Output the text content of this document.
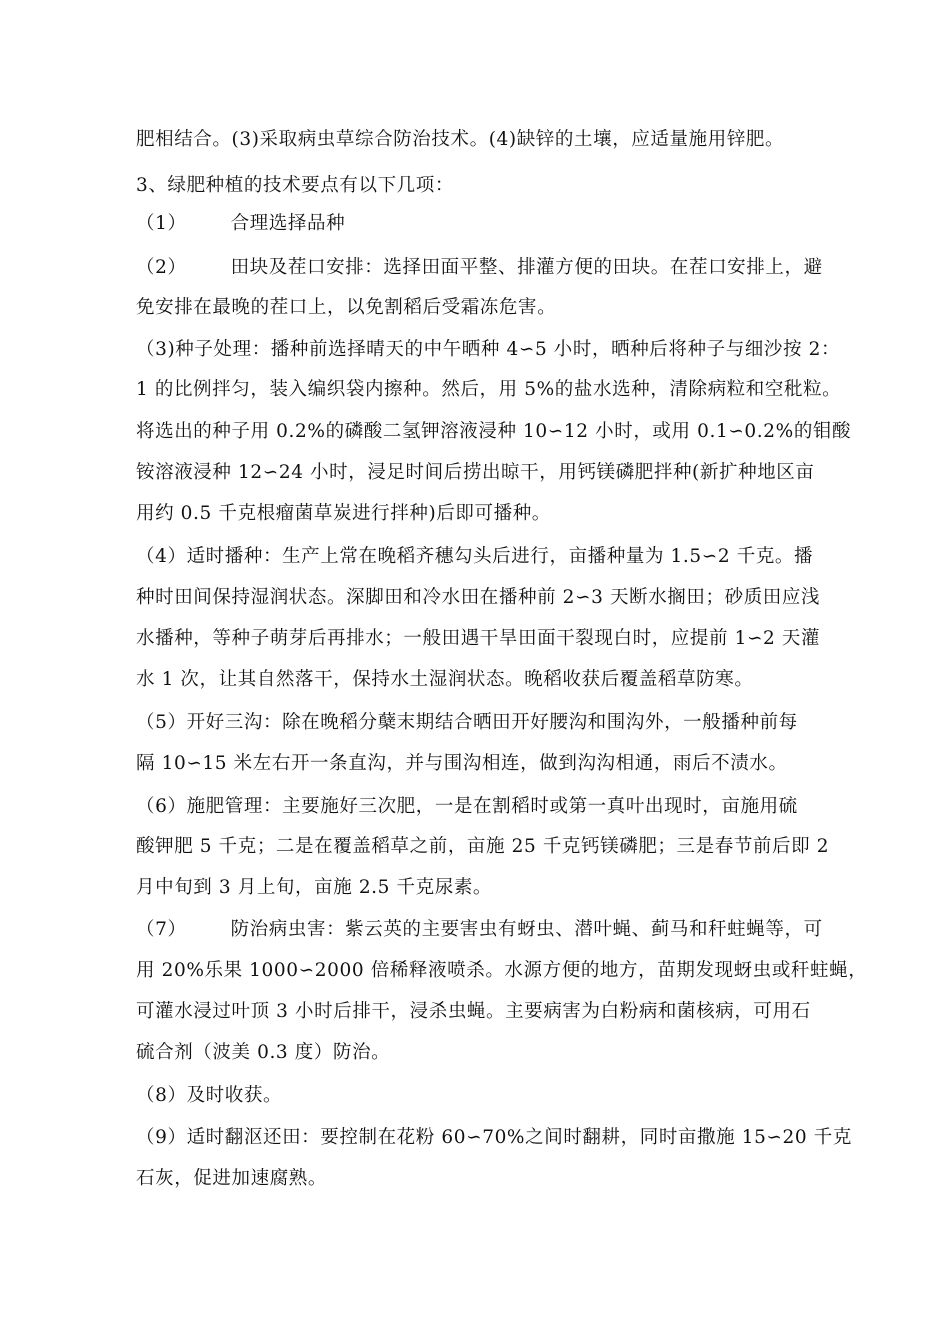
肥相结合。(3)采取病虫草综合防治技术。(4)缺锌的土壤，应适量施用锌肥。
3、绿肥种植的技术要点有以下几项：
（1） 合理选择品种
（2） 田块及茬口安排：选择田面平整、排灌方便的田块。在茬口安排上，避
免安排在最晚的茬口上，以免割稻后受霜冻危害。
（3)种子处理：播种前选择晴天的中午晒种 4∽5 小时，晒种后将种子与细沙按 2：
1 的比例拌匀，装入编织袋内擦种。然后，用 5%的盐水选种，清除病粒和空秕粒。
将选出的种子用 0.2%的磷酸二氢钾溶液浸种 10∽12 小时，或用 0.1∽0.2%的钼酸
铵溶液浸种 12∽24 小时，浸足时间后捞出晾干，用钙镁磷肥拌种(新扩种地区亩
用约 0.5 千克根瘤菌草炭进行拌种)后即可播种。
（4）适时播种：生产上常在晚稻齐穗勾头后进行，亩播种量为 1.5∽2 千克。播
种时田间保持湿润状态。深脚田和冷水田在播种前 2∽3 天断水搁田；砂质田应浅
水播种，等种子萌芽后再排水；一般田遇干旱田面干裂现白时，应提前 1∽2 天灌
水 1 次，让其自然落干，保持水土湿润状态。晚稻收获后覆盖稻草防寒。
（5）开好三沟：除在晚稻分蘖末期结合晒田开好腰沟和围沟外，一般播种前每
隔 10∽15 米左右开一条直沟，并与围沟相连，做到沟沟相通，雨后不渍水。
（6）施肥管理：主要施好三次肥，一是在割稻时或第一真叶出现时，亩施用硫
酸钾肥 5 千克；二是在覆盖稻草之前，亩施 25 千克钙镁磷肥；三是春节前后即 2
月中旬到 3 月上旬，亩施 2.5 千克尿素。
（7） 防治病虫害：紫云英的主要害虫有蚜虫、潜叶蝇、蓟马和秆蛀蝇等，可
用 20%乐果 1000∽2000 倍稀释液喷杀。水源方便的地方，苗期发现蚜虫或秆蛀蝇，
可灌水浸过叶顶 3 小时后排干，浸杀虫蝇。主要病害为白粉病和菌核病，可用石
硫合剂（波美 0.3 度）防治。
（8）及时收获。
（9）适时翻沤还田：要控制在花粉 60∽70%之间时翻耕，同时亩撒施 15∽20 千克
石灰，促进加速腐熟。
